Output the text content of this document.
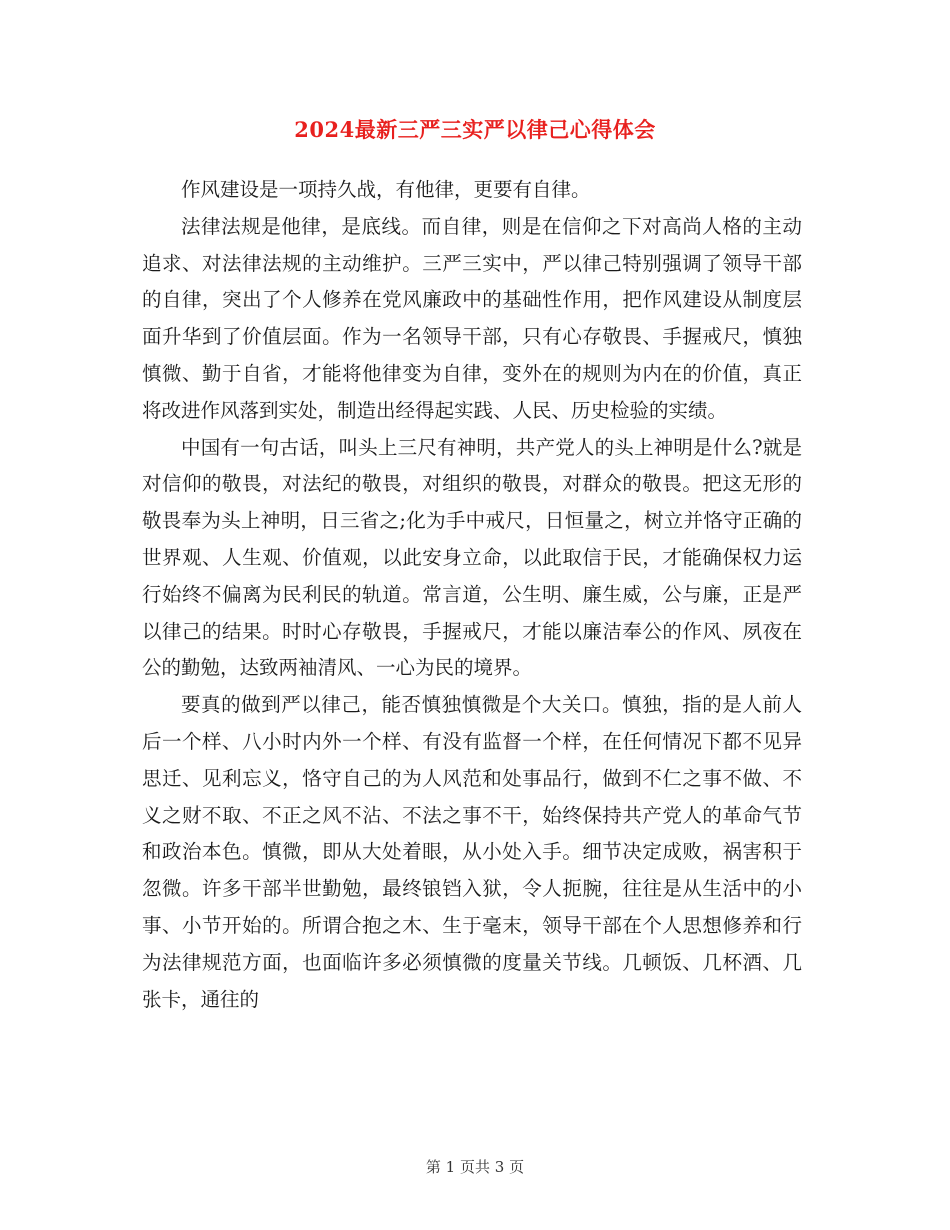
2024最新三严三实严以律己心得体会

作风建设是一项持久战，有他律，更要有自律。

法律法规是他律，是底线。而自律，则是在信仰之下对高尚人格的主动追求、对法律法规的主动维护。三严三实中，严以律己特别强调了领导干部的自律，突出了个人修养在党风廉政中的基础性作用，把作风建设从制度层面升华到了价值层面。作为一名领导干部，只有心存敬畏、手握戒尺，慎独慎微、勤于自省，才能将他律变为自律，变外在的规则为内在的价值，真正将改进作风落到实处，制造出经得起实践、人民、历史检验的实绩。

中国有一句古话，叫头上三尺有神明，共产党人的头上神明是什么?就是对信仰的敬畏，对法纪的敬畏，对组织的敬畏，对群众的敬畏。把这无形的敬畏奉为头上神明，日三省之;化为手中戒尺，日恒量之，树立并恪守正确的世界观、人生观、价值观，以此安身立命，以此取信于民，才能确保权力运行始终不偏离为民利民的轨道。常言道，公生明、廉生威，公与廉，正是严以律己的结果。时时心存敬畏，手握戒尺，才能以廉洁奉公的作风、夙夜在公的勤勉，达致两袖清风、一心为民的境界。

要真的做到严以律己，能否慎独慎微是个大关口。慎独，指的是人前人后一个样、八小时内外一个样、有没有监督一个样，在任何情况下都不见异思迁、见利忘义，恪守自己的为人风范和处事品行，做到不仁之事不做、不义之财不取、不正之风不沾、不法之事不干，始终保持共产党人的革命气节和政治本色。慎微，即从大处着眼，从小处入手。细节决定成败，祸害积于忽微。许多干部半世勤勉，最终锒铛入狱，令人扼腕，往往是从生活中的小事、小节开始的。所谓合抱之木、生于毫末，领导干部在个人思想修养和行为法律规范方面，也面临许多必须慎微的度量关节线。几顿饭、几杯酒、几张卡，通往的

第 1 页共 3 页
